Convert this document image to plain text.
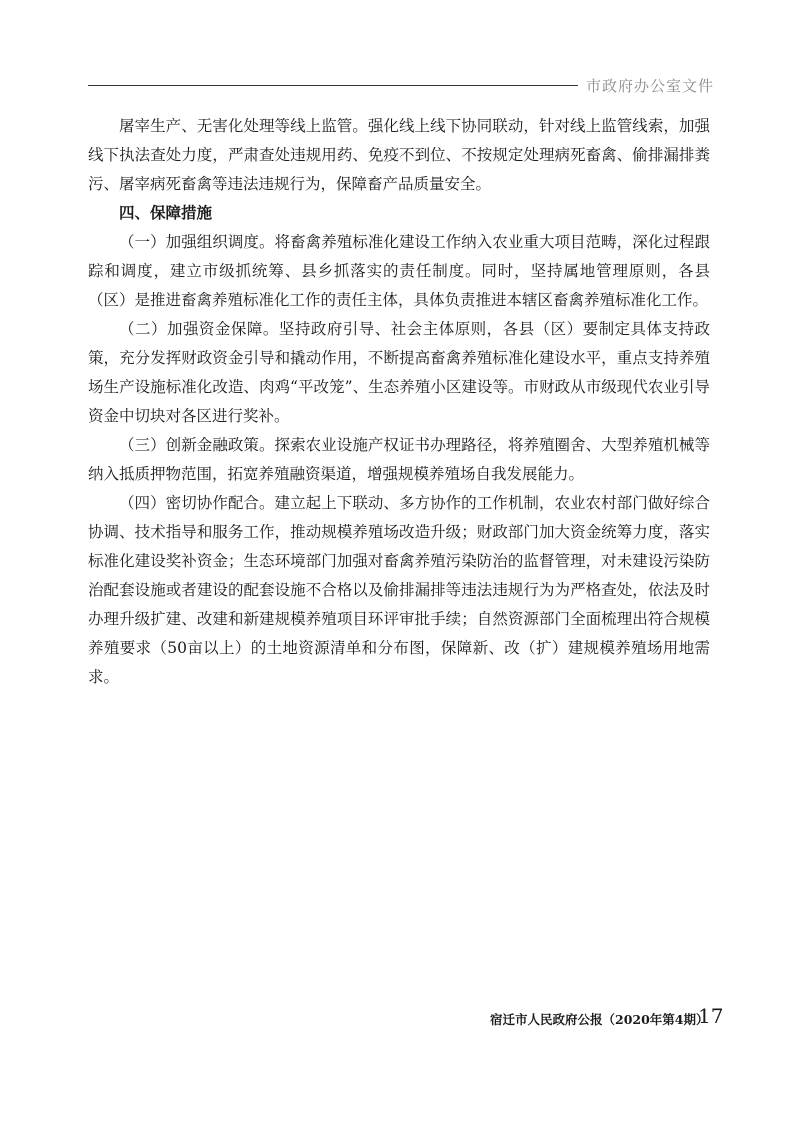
市政府办公室文件

屠宰生产、无害化处理等线上监管。强化线上线下协同联动，针对线上监管线索，加强线下执法查处力度，严肃查处违规用药、免疫不到位、不按规定处理病死畜禽、偷排漏排粪污、屠宰病死畜禽等违法违规行为，保障畜产品质量安全。

四、保障措施

（一）加强组织调度。将畜禽养殖标准化建设工作纳入农业重大项目范畴，深化过程跟踪和调度，建立市级抓统筹、县乡抓落实的责任制度。同时，坚持属地管理原则，各县（区）是推进畜禽养殖标准化工作的责任主体，具体负责推进本辖区畜禽养殖标准化工作。

（二）加强资金保障。坚持政府引导、社会主体原则，各县（区）要制定具体支持政策，充分发挥财政资金引导和撬动作用，不断提高畜禽养殖标准化建设水平，重点支持养殖场生产设施标准化改造、肉鸡“平改笼”、生态养殖小区建设等。市财政从市级现代农业引导资金中切块对各区进行奖补。

（三）创新金融政策。探索农业设施产权证书办理路径，将养殖圈舍、大型养殖机械等纳入抵质押物范围，拓宽养殖融资渠道，增强规模养殖场自我发展能力。

（四）密切协作配合。建立起上下联动、多方协作的工作机制，农业农村部门做好综合协调、技术指导和服务工作，推动规模养殖场改造升级；财政部门加大资金统筹力度，落实标准化建设奖补资金；生态环境部门加强对畜禽养殖污染防治的监督管理，对未建设污染防治配套设施或者建设的配套设施不合格以及偷排漏排等违法违规行为为严格查处，依法及时办理升级扩建、改建和新建规模养殖项目环评审批手续；自然资源部门全面梳理出符合规模养殖要求（50亩以上）的土地资源清单和分布图，保障新、改（扩）建规模养殖场用地需求。

宿迁市人民政府公报（2020年第4期）
17
